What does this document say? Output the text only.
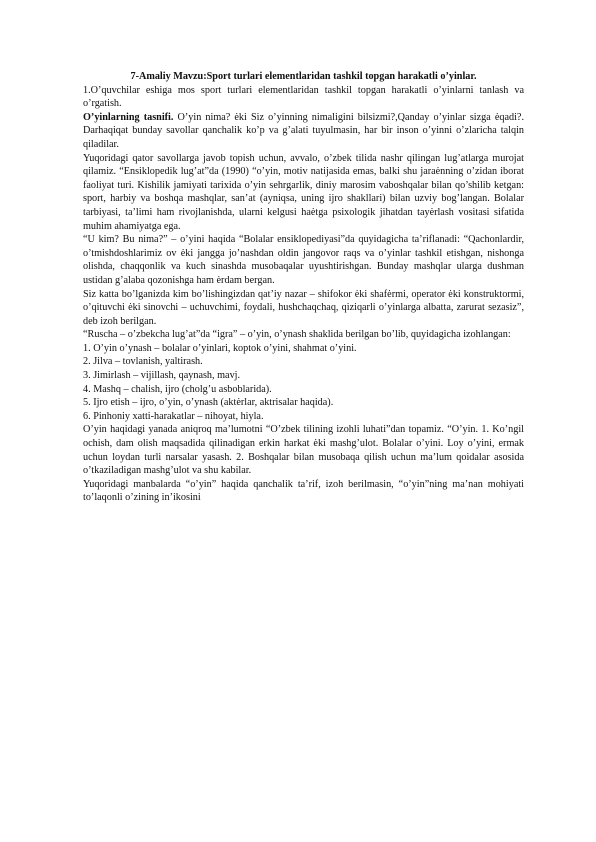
7-Amaliy Mavzu:Sport turlari elementlaridan tashkil topgan harakatli o’yinlar.

1.O’quvchilar eshiga mos sport turlari elementlaridan tashkil topgan harakatli o’yinlarni tanlash va o’rgatish.

O’yinlarning tasnifi. O’yin nima? ėki Siz o’yinning nimaligini bilsizmi?,Qanday o’yinlar sizga ėqadi?. Darhaqiqat bunday savollar qanchalik ko’p va g’alati tuyulmasin, har bir inson o’yinni o’zlaricha talqin qiladilar.

Yuqoridagi qator savollarga javob topish uchun, avvalo, o’zbek tilida nashr qilingan lug’atlarga murojat qilamiz. “Ensiklopedik lug’at”da (1990) “o’yin, motiv natijasida emas, balki shu jaraėnning o’zidan iborat faoliyat turi. Kishilik jamiyati tarixida o’yin sehrgarlik, diniy marosim vaboshqalar bilan qo’shilib ketgan: sport, harbiy va boshqa mashqlar, san’at (ayniqsa, uning ijro shakllari) bilan uzviy bog’langan. Bolalar tarbiyasi, ta’limi ham rivojlanishda, ularni kelgusi haėtga psixologik jihatdan tayėrlash vositasi sifatida muhim ahamiyatga ega.

“U kim? Bu nima?” – o’yini haqida “Bolalar ensiklopediyasi”da quyidagicha ta’riflanadi: “Qachonlardir, o’tmishdoshlarimiz ov ėki jangga jo’nashdan oldin jangovor raqs va o’yinlar tashkil etishgan, nishonga olishda, chaqqonlik va kuch sinashda musobaqalar uyushtirishgan. Bunday mashqlar ularga dushman ustidan g’alaba qozonishga ham ėrdam bergan.

Siz katta bo’lganizda kim bo’lishingizdan qat’iy nazar – shifokor ėki shafėrmi, operator ėki konstruktormi, o’qituvchi ėki sinovchi – uchuvchimi, foydali, hushchaqchaq, qiziqarli o’yinlarga albatta, zarurat sezasiz”, deb izoh berilgan.

“Ruscha – o’zbekcha lug’at”da “igra” – o’yin, o’ynash shaklida berilgan bo’lib, quyidagicha izohlangan:

1. O’yin o’ynash – bolalar o’yinlari, koptok o’yini, shahmat o’yini.

2. Jilva – tovlanish, yaltirash.

3. Jimirlash – vijillash, qaynash, mavj.

4. Mashq – chalish, ijro (cholg’u asboblarida).

5. Ijro etish – ijro, o’yin, o’ynash (aktėrlar, aktrisalar haqida).

6. Pinhoniy xatti-harakatlar – nihoyat, hiyla.

O’yin haqidagi yanada aniqroq ma’lumotni “O’zbek tilining izohli luhati”dan topamiz. “O’yin. 1. Ko’ngil ochish, dam olish maqsadida qilinadigan erkin harkat ėki mashg’ulot. Bolalar o’yini. Loy o’yini, ermak uchun loydan turli narsalar yasash. 2. Boshqalar bilan musobaqa qilish uchun ma’lum qoidalar asosida o’tkaziladigan mashg’ulot va shu kabilar.

Yuqoridagi manbalarda “o’yin” haqida qanchalik ta’rif, izoh berilmasin, “o’yin”ning ma’nan mohiyati to’laqonli o’zining in’ikosini
